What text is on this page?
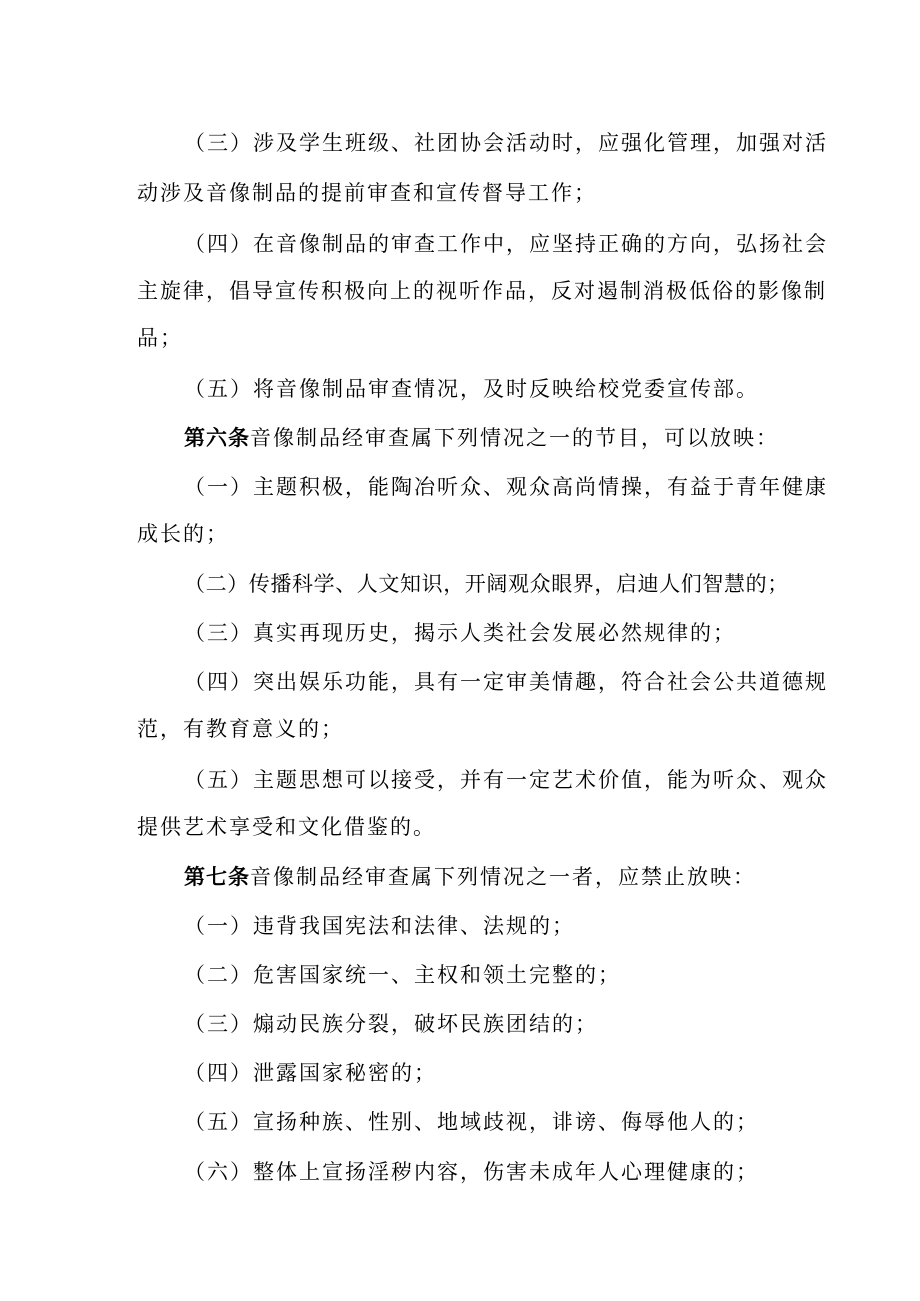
（三）涉及学生班级、社团协会活动时，应强化管理，加强对活
动涉及音像制品的提前审查和宣传督导工作；
（四）在音像制品的审查工作中，应坚持正确的方向，弘扬社会
主旋律，倡导宣传积极向上的视听作品，反对遏制消极低俗的影像制
品；
（五）将音像制品审查情况，及时反映给校党委宣传部。
第六条音像制品经审查属下列情况之一的节目，可以放映：
（一）主题积极，能陶冶听众、观众高尚情操，有益于青年健康
成长的；
（二）传播科学、人文知识，开阔观众眼界，启迪人们智慧的；
（三）真实再现历史，揭示人类社会发展必然规律的；
（四）突出娱乐功能，具有一定审美情趣，符合社会公共道德规
范，有教育意义的；
（五）主题思想可以接受，并有一定艺术价值，能为听众、观众
提供艺术享受和文化借鉴的。
第七条音像制品经审查属下列情况之一者，应禁止放映：
（一）违背我国宪法和法律、法规的；
（二）危害国家统一、主权和领土完整的；
（三）煽动民族分裂，破坏民族团结的；
（四）泄露国家秘密的；
（五）宣扬种族、性别、地域歧视，诽谤、侮辱他人的；
（六）整体上宣扬淫秽内容，伤害未成年人心理健康的；
